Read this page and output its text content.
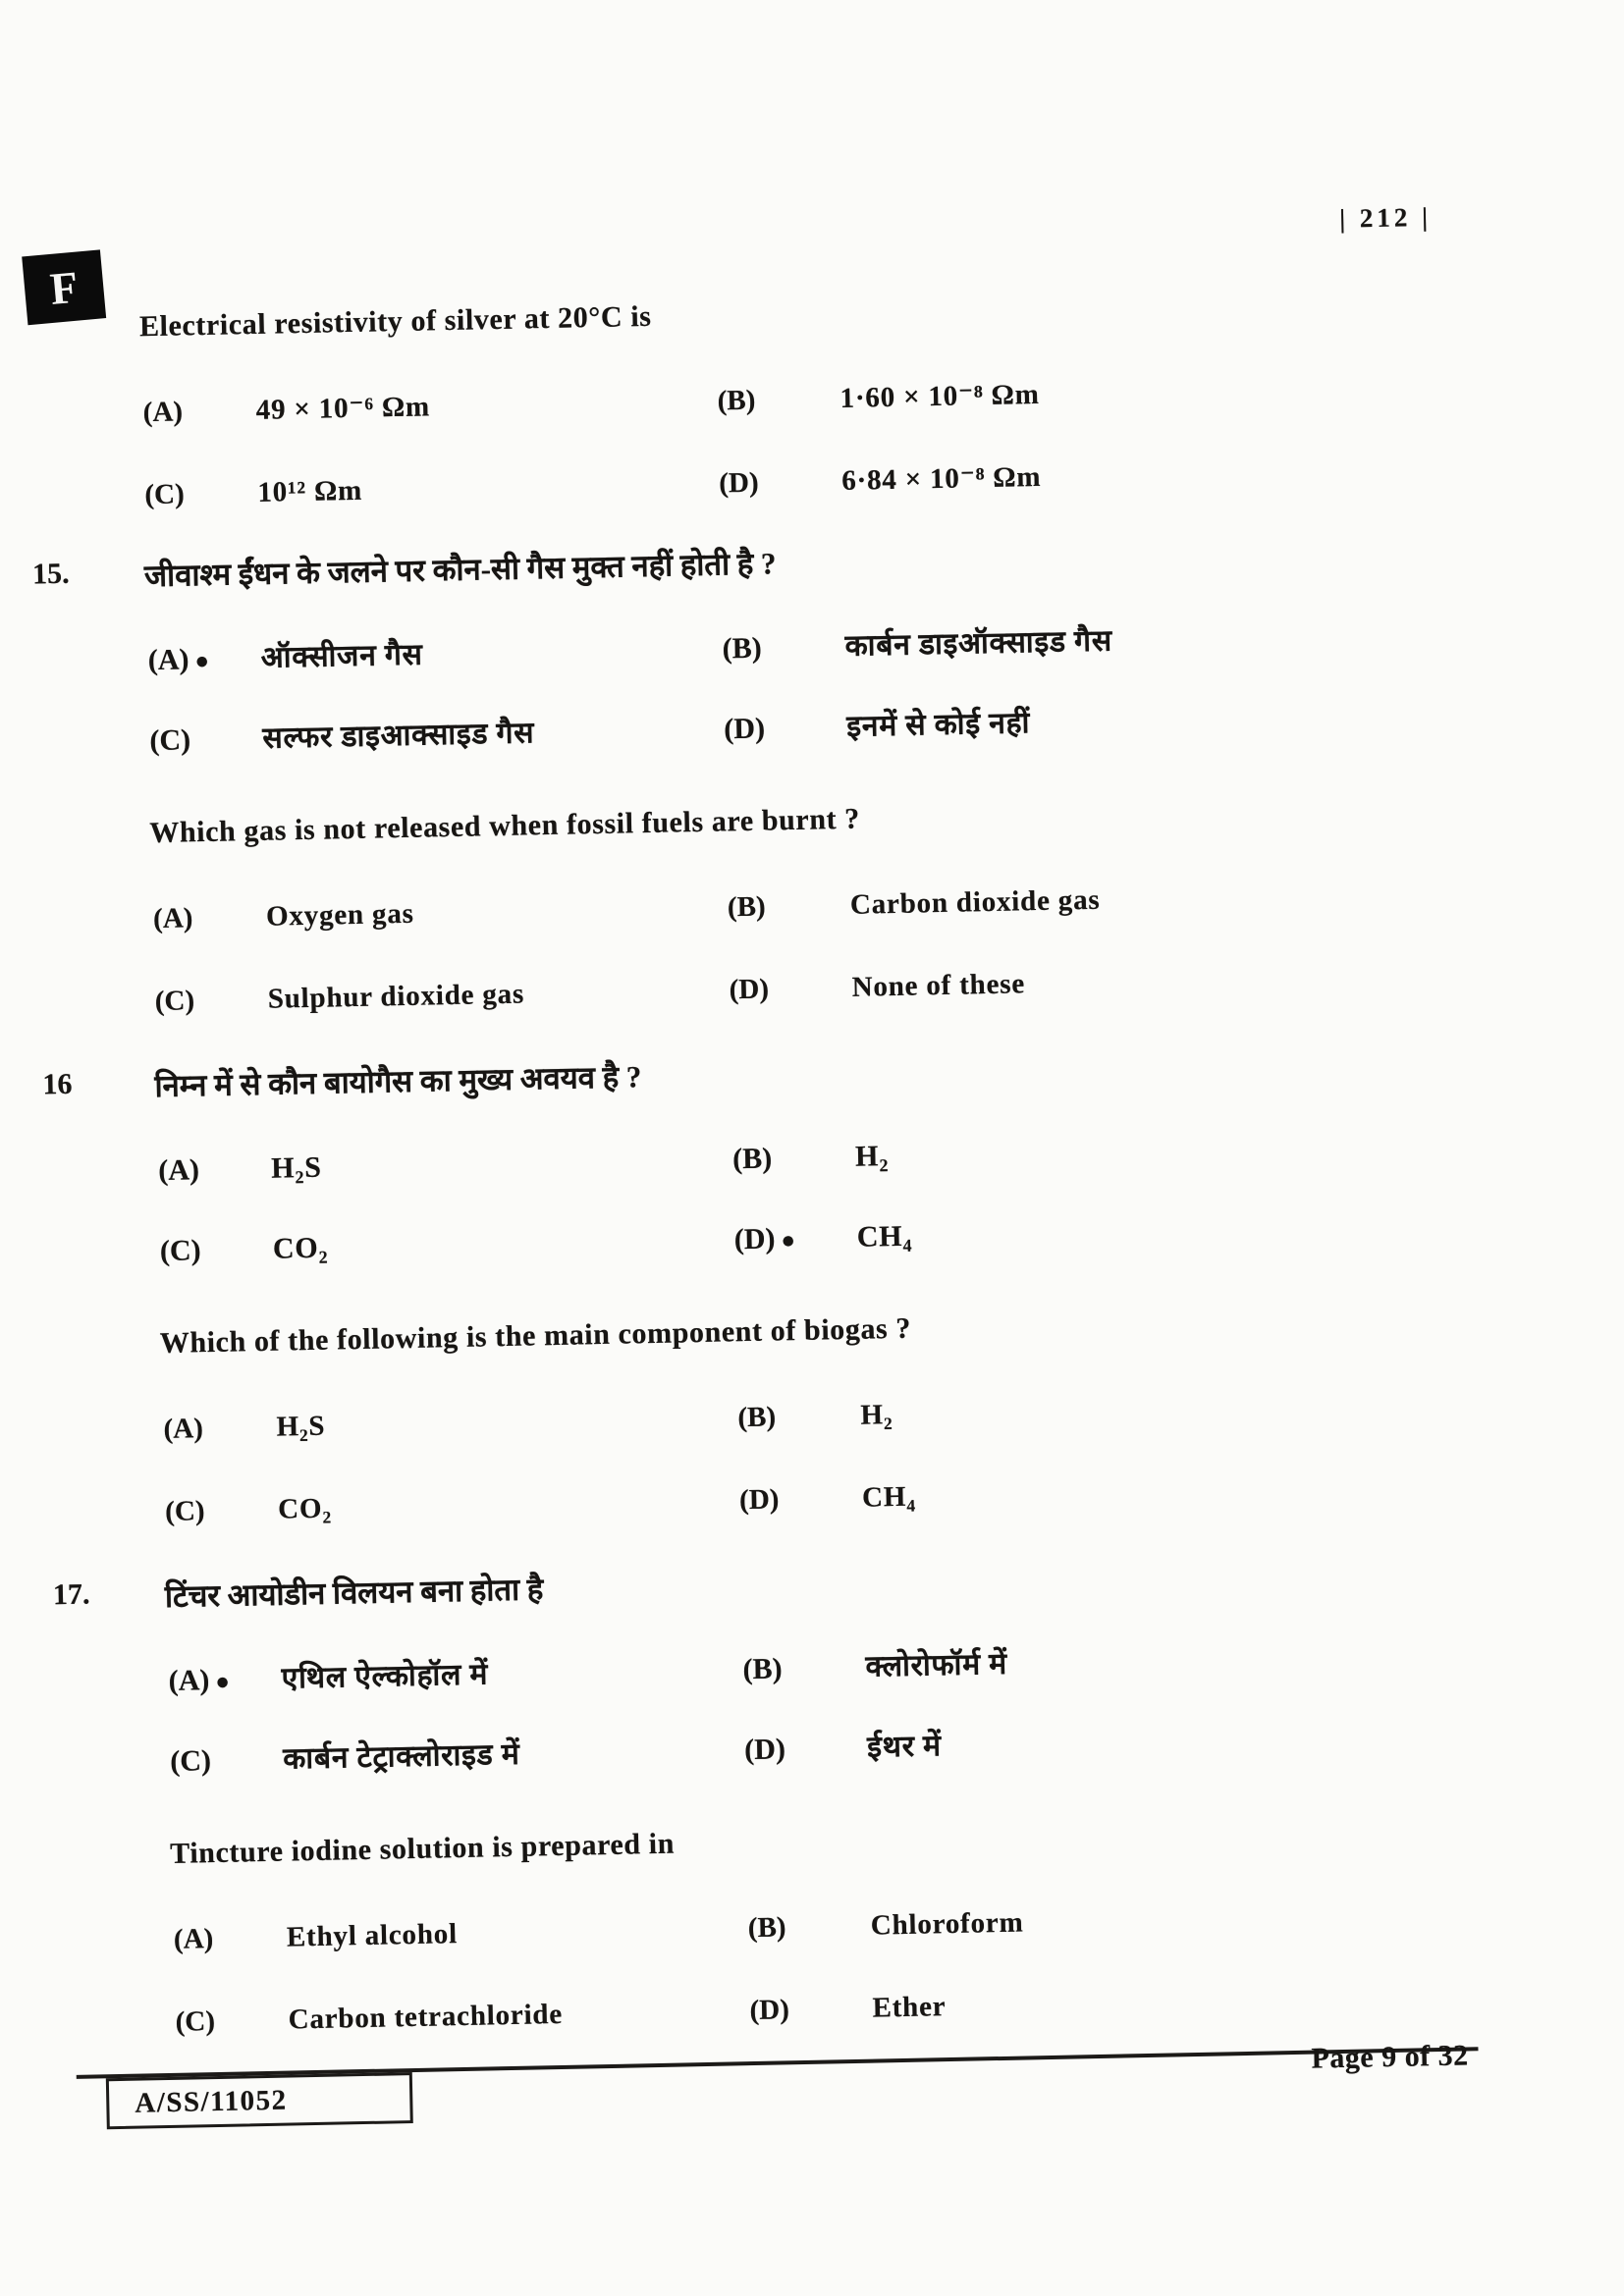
| 212 |
F
Electrical resistivity of silver at 20°C is
(A)	49 × 10⁻⁶ Ωm	(B)	1·60 × 10⁻⁸ Ωm
(C)	10¹² Ωm	(D)	6·84 × 10⁻⁸ Ωm
15.	जीवाश्म ईंधन के जलने पर कौन-सी गैस मुक्त नहीं होती है ?
(A) ●	ऑक्सीजन गैस	(B)	कार्बन डाइऑक्साइड गैस
(C)	सल्फर डाइआक्साइड गैस	(D)	इनमें से कोई नहीं
Which gas is not released when fossil fuels are burnt ?
(A)	Oxygen gas	(B)	Carbon dioxide gas
(C)	Sulphur dioxide gas	(D)	None of these
16	निम्न में से कौन बायोगैस का मुख्य अवयव है ?
(A)	H₂S	(B)	H₂
(C)	CO₂	(D) ●	CH₄
Which of the following is the main component of biogas ?
(A)	H₂S	(B)	H₂
(C)	CO₂	(D)	CH₄
17.	टिंचर आयोडीन विलयन बना होता है
(A) ●	एथिल ऐल्कोहॉल में	(B)	क्लोरोफॉर्म में
(C)	कार्बन टेट्राक्लोराइड में	(D)	ईथर में
Tincture iodine solution is prepared in
(A)	Ethyl alcohol	(B)	Chloroform
(C)	Carbon tetrachloride	(D)	Ether
A/SS/11052
Page 9 of 32
